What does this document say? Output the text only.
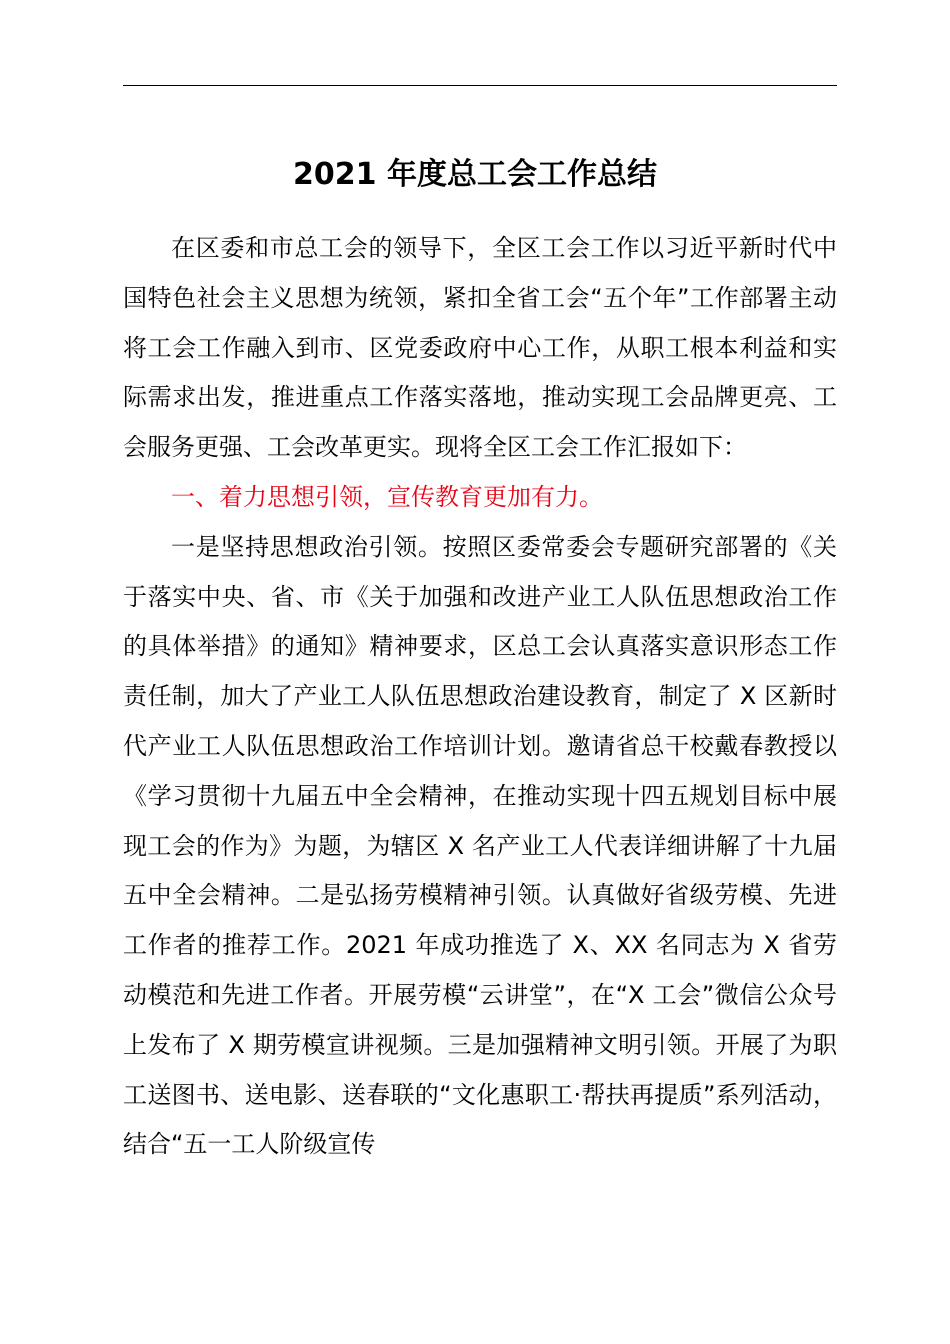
2021 年度总工会工作总结

在区委和市总工会的领导下，全区工会工作以习近平新时代中国特色社会主义思想为统领，紧扣全省工会“五个年”工作部署主动将工会工作融入到市、区党委政府中心工作，从职工根本利益和实际需求出发，推进重点工作落实落地，推动实现工会品牌更亮、工会服务更强、工会改革更实。现将全区工会工作汇报如下：

一、着力思想引领，宣传教育更加有力。

一是坚持思想政治引领。按照区委常委会专题研究部署的《关于落实中央、省、市《关于加强和改进产业工人队伍思想政治工作的具体举措》的通知》精神要求，区总工会认真落实意识形态工作责任制，加大了产业工人队伍思想政治建设教育，制定了 X 区新时代产业工人队伍思想政治工作培训计划。邀请省总干校戴春教授以《学习贯彻十九届五中全会精神，在推动实现十四五规划目标中展现工会的作为》为题，为辖区 X 名产业工人代表详细讲解了十九届五中全会精神。二是弘扬劳模精神引领。认真做好省级劳模、先进工作者的推荐工作。2021 年成功推选了 X、XX 名同志为 X 省劳动模范和先进工作者。开展劳模“云讲堂”，在“X 工会”微信公众号上发布了 X 期劳模宣讲视频。三是加强精神文明引领。开展了为职工送图书、送电影、送春联的“文化惠职工·帮扶再提质”系列活动，结合“五一工人阶级宣传
